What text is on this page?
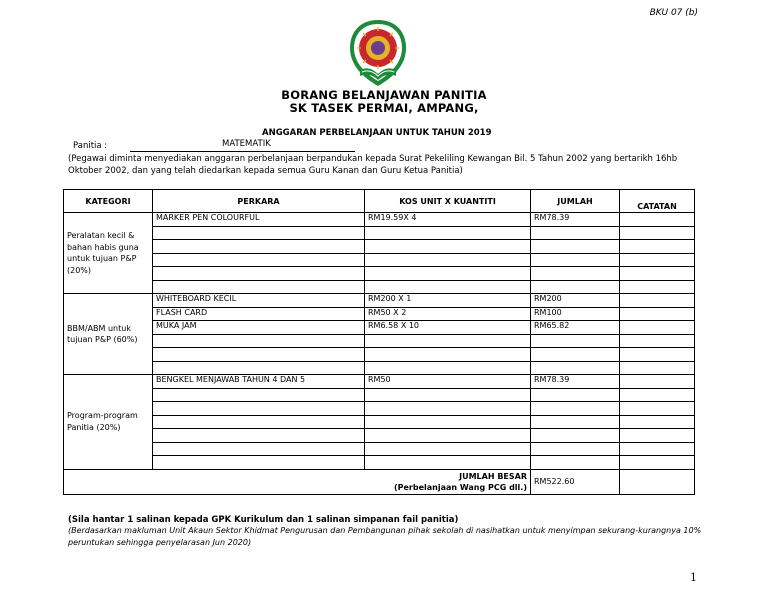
BKU 07 (b)
BORANG BELANJAWAN PANITIA
SK TASEK PERMAI, AMPANG,
ANGGARAN PERBELANJAAN UNTUK TAHUN 2019
Panitia :	MATEMATIK
(Pegawai diminta menyediakan anggaran perbelanjaan berpandukan kepada Surat Pekeliling Kewangan Bil. 5 Tahun 2002 yang bertarikh 16hb Oktober 2002, dan yang telah diedarkan kepada semua Guru Kanan dan Guru Ketua Panitia)
KATEGORI	PERKARA	KOS UNIT X KUANTITI	JUMLAH	CATATAN
Peralatan kecil & bahan habis guna untuk tujuan P&P (20%)	MARKER PEN COLOURFUL	RM19.59X 4	RM78.39	

BBM/ABM untuk tujuan P&P (60%)	WHITEBOARD KECIL	RM200 X 1	RM200	
	FLASH CARD	RM50 X 2	RM100	
	MUKA JAM	RM6.58 X 10	RM65.82	

Program-program Panitia (20%)	BENGKEL MENJAWAB TAHUN 4 DAN 5	RM50	RM78.39	

JUMLAH BESAR
(Perbelanjaan Wang PCG dll.)			RM522.60	
(Sila hantar 1 salinan kepada GPK Kurikulum dan 1 salinan simpanan fail panitia)
(Berdasarkan makluman Unit Akaun Sektor Khidmat Pengurusan dan Pembangunan pihak sekolah di nasihatkan untuk menyimpan sekurang-kurangnya 10% peruntukan sehingga penyelarasan Jun 2020)
1
